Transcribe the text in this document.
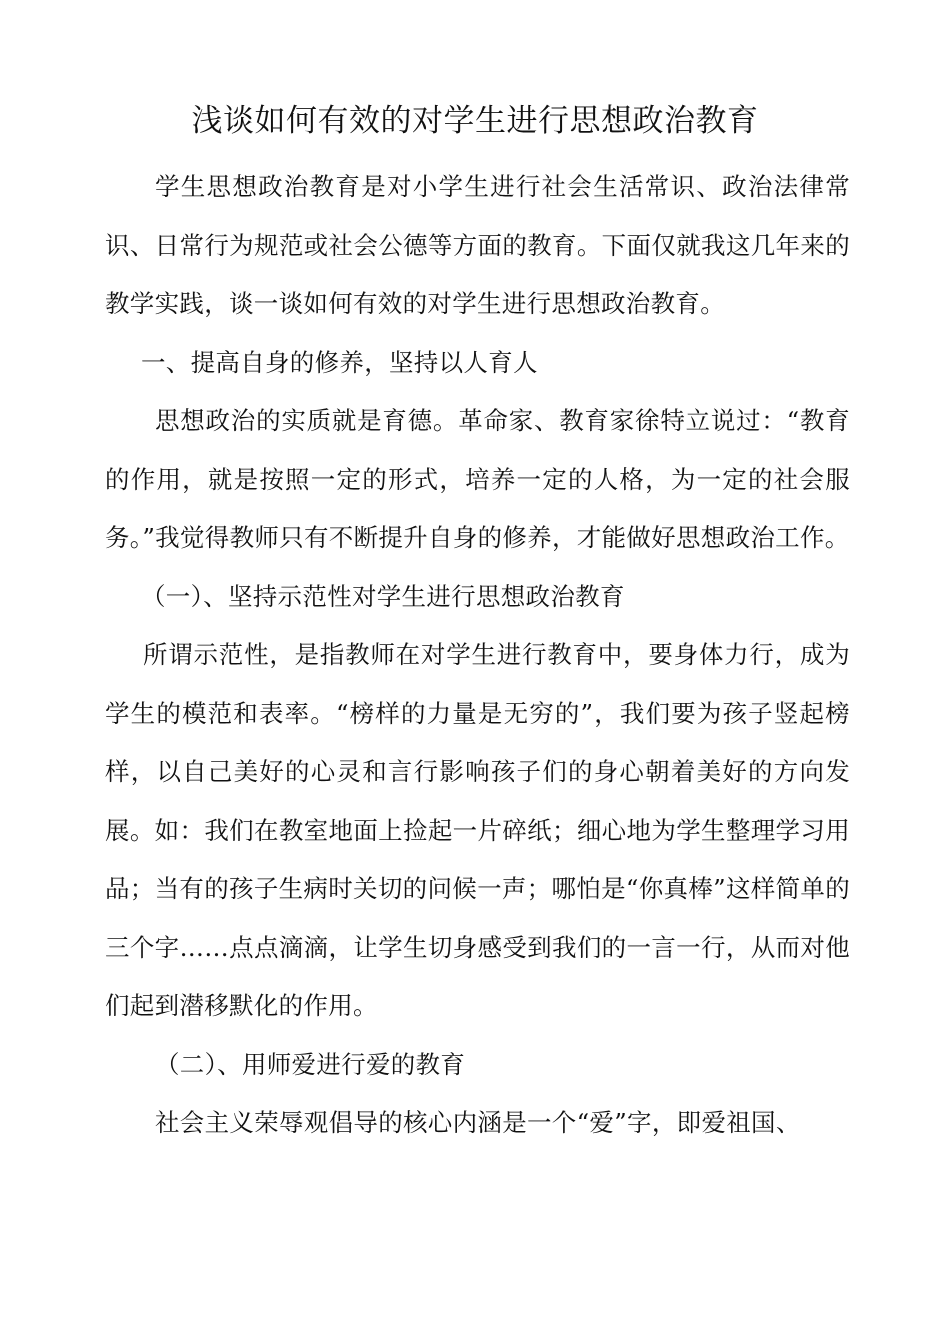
浅谈如何有效的对学生进行思想政治教育

学生思想政治教育是对小学生进行社会生活常识、政治法律常识、日常行为规范或社会公德等方面的教育。下面仅就我这几年来的教学实践，谈一谈如何有效的对学生进行思想政治教育。

一、提高自身的修养，坚持以人育人

思想政治的实质就是育德。革命家、教育家徐特立说过：“教育的作用，就是按照一定的形式，培养一定的人格，为一定的社会服务。”我觉得教师只有不断提升自身的修养，才能做好思想政治工作。

（一）、坚持示范性对学生进行思想政治教育

所谓示范性，是指教师在对学生进行教育中，要身体力行，成为学生的模范和表率。“榜样的力量是无穷的”，我们要为孩子竖起榜样，以自己美好的心灵和言行影响孩子们的身心朝着美好的方向发展。如：我们在教室地面上捡起一片碎纸；细心地为学生整理学习用品；当有的孩子生病时关切的问候一声；哪怕是“你真棒”这样简单的三个字……点点滴滴，让学生切身感受到我们的一言一行，从而对他们起到潜移默化的作用。

（二）、用师爱进行爱的教育

社会主义荣辱观倡导的核心内涵是一个“爱”字，即爱祖国、
